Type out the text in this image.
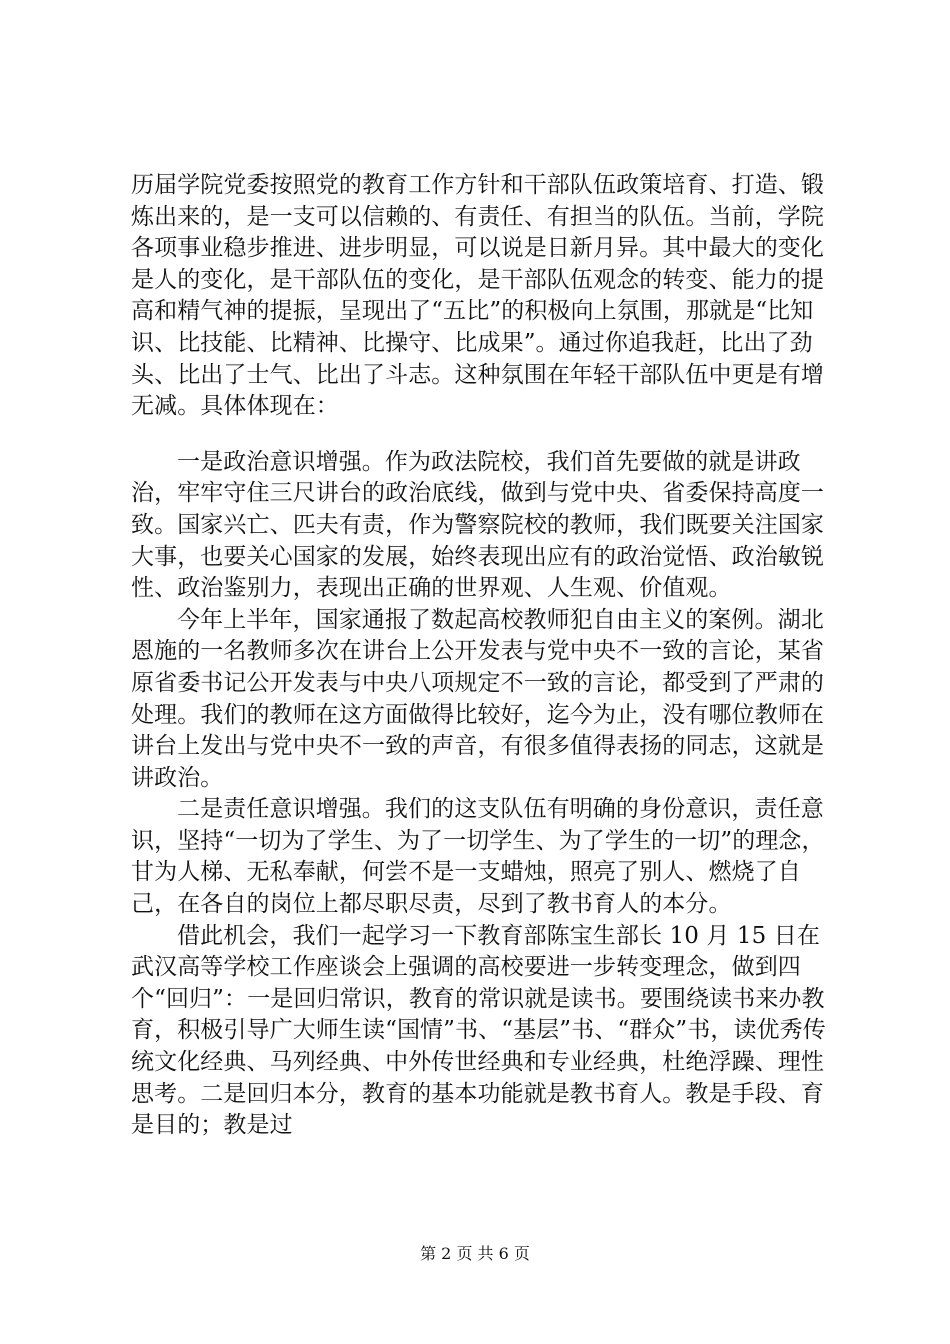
历届学院党委按照党的教育工作方针和干部队伍政策培育、打造、锻炼出来的，是一支可以信赖的、有责任、有担当的队伍。当前，学院各项事业稳步推进、进步明显，可以说是日新月异。其中最大的变化是人的变化，是干部队伍的变化，是干部队伍观念的转变、能力的提高和精气神的提振，呈现出了“五比”的积极向上氛围，那就是“比知识、比技能、比精神、比操守、比成果”。通过你追我赶，比出了劲头、比出了士气、比出了斗志。这种氛围在年轻干部队伍中更是有增无减。具体体现在：

一是政治意识增强。作为政法院校，我们首先要做的就是讲政治，牢牢守住三尺讲台的政治底线，做到与党中央、省委保持高度一致。国家兴亡、匹夫有责，作为警察院校的教师，我们既要关注国家大事，也要关心国家的发展，始终表现出应有的政治觉悟、政治敏锐性、政治鉴别力，表现出正确的世界观、人生观、价值观。

今年上半年，国家通报了数起高校教师犯自由主义的案例。湖北恩施的一名教师多次在讲台上公开发表与党中央不一致的言论，某省原省委书记公开发表与中央八项规定不一致的言论，都受到了严肃的处理。我们的教师在这方面做得比较好，迄今为止，没有哪位教师在讲台上发出与党中央不一致的声音，有很多值得表扬的同志，这就是讲政治。

二是责任意识增强。我们的这支队伍有明确的身份意识，责任意识，坚持“一切为了学生、为了一切学生、为了学生的一切”的理念，甘为人梯、无私奉献，何尝不是一支蜡烛，照亮了别人、燃烧了自己，在各自的岗位上都尽职尽责，尽到了教书育人的本分。

借此机会，我们一起学习一下教育部陈宝生部长 10 月 15 日在武汉高等学校工作座谈会上强调的高校要进一步转变理念，做到四个“回归”：一是回归常识，教育的常识就是读书。要围绕读书来办教育，积极引导广大师生读“国情”书、“基层”书、“群众”书，读优秀传统文化经典、马列经典、中外传世经典和专业经典，杜绝浮躁、理性思考。二是回归本分，教育的基本功能就是教书育人。教是手段、育是目的；教是过

第 2 页 共 6 页
